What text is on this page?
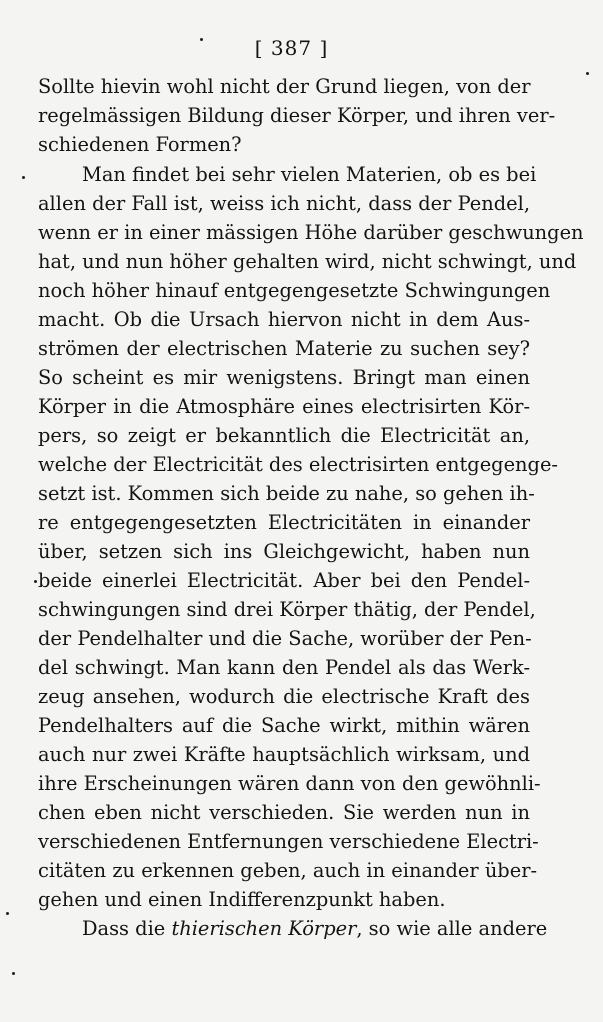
[ 387 ]
Sollte hievin wohl nicht der Grund liegen, von der
regelmässigen Bildung dieser Körper, und ihren ver-
schiedenen Formen?
Man findet bei sehr vielen Materien, ob es bei
allen der Fall ist, weiss ich nicht, dass der Pendel,
wenn er in einer mässigen Höhe darüber geschwungen
hat, und nun höher gehalten wird, nicht schwingt, und
noch höher hinauf entgegengesetzte Schwingungen
macht. Ob die Ursach hiervon nicht in dem Aus-
strömen der electrischen Materie zu suchen sey?
So scheint es mir wenigstens. Bringt man einen
Körper in die Atmosphäre eines electrisirten Kör-
pers, so zeigt er bekanntlich die Electricität an,
welche der Electricität des electrisirten entgegenge-
setzt ist. Kommen sich beide zu nahe, so gehen ih-
re entgegengesetzten Electricitäten in einander
über, setzen sich ins Gleichgewicht, haben nun
beide einerlei Electricität. Aber bei den Pendel-
schwingungen sind drei Körper thätig, der Pendel,
der Pendelhalter und die Sache, worüber der Pen-
del schwingt. Man kann den Pendel als das Werk-
zeug ansehen, wodurch die electrische Kraft des
Pendelhalters auf die Sache wirkt, mithin wären
auch nur zwei Kräfte hauptsächlich wirksam, und
ihre Erscheinungen wären dann von den gewöhnli-
chen eben nicht verschieden. Sie werden nun in
verschiedenen Entfernungen verschiedene Electri-
citäten zu erkennen geben, auch in einander über-
gehen und einen Indifferenzpunkt haben.
Dass die thierischen Körper, so wie alle andere
